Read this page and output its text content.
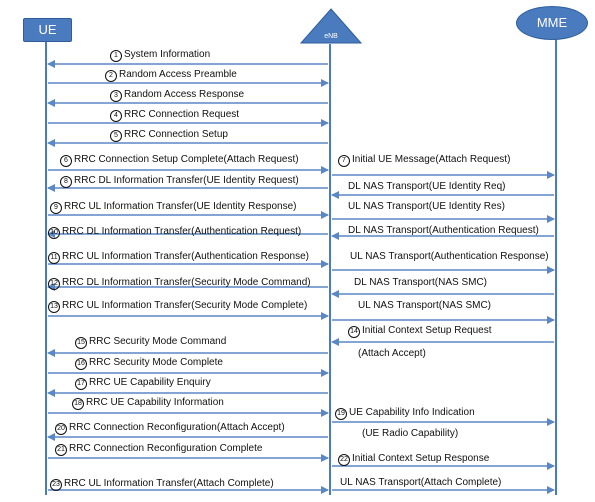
UE	eNB
MME
1 System Information
2 Random Access Preamble
3 Random Access Response
4 RRC Connection Request
5 RRC Connection Setup
6 RRC Connection Setup Complete(Attach Request)	7 Initial UE Message(Attach Request)
8 RRC DL Information Transfer(UE Identity Request)
DL NAS Transport(UE Identity Req)
9 RRC UL Information Transfer(UE Identity Response)	UL NAS Transport(UE Identity Res)
10 RRC DL Information Transfer(Authentication Request)	DL NAS Transport(Authentication Request)
11 RRC UL Information Transfer(Authentication Response)	UL NAS Transport(Authentication Response)
12 RRC DL Information Transfer(Security Mode Command)	DL NAS Transport(NAS SMC)
13 RRC UL Information Transfer(Security Mode Complete)	UL NAS Transport(NAS SMC)
14 Initial Context Setup Request
(Attach Accept)
15 RRC Security Mode Command
16 RRC Security Mode Complete
17 RRC UE Capability Enquiry
18 RRC UE Capability Information
19 UE Capability Info Indication
(UE Radio Capability)
20 RRC Connection Reconfiguration(Attach Accept)
21 RRC Connection Reconfiguration Complete
22 Initial Context Setup Response
23 RRC UL Information Transfer(Attach Complete)	UL NAS Transport(Attach Complete)
